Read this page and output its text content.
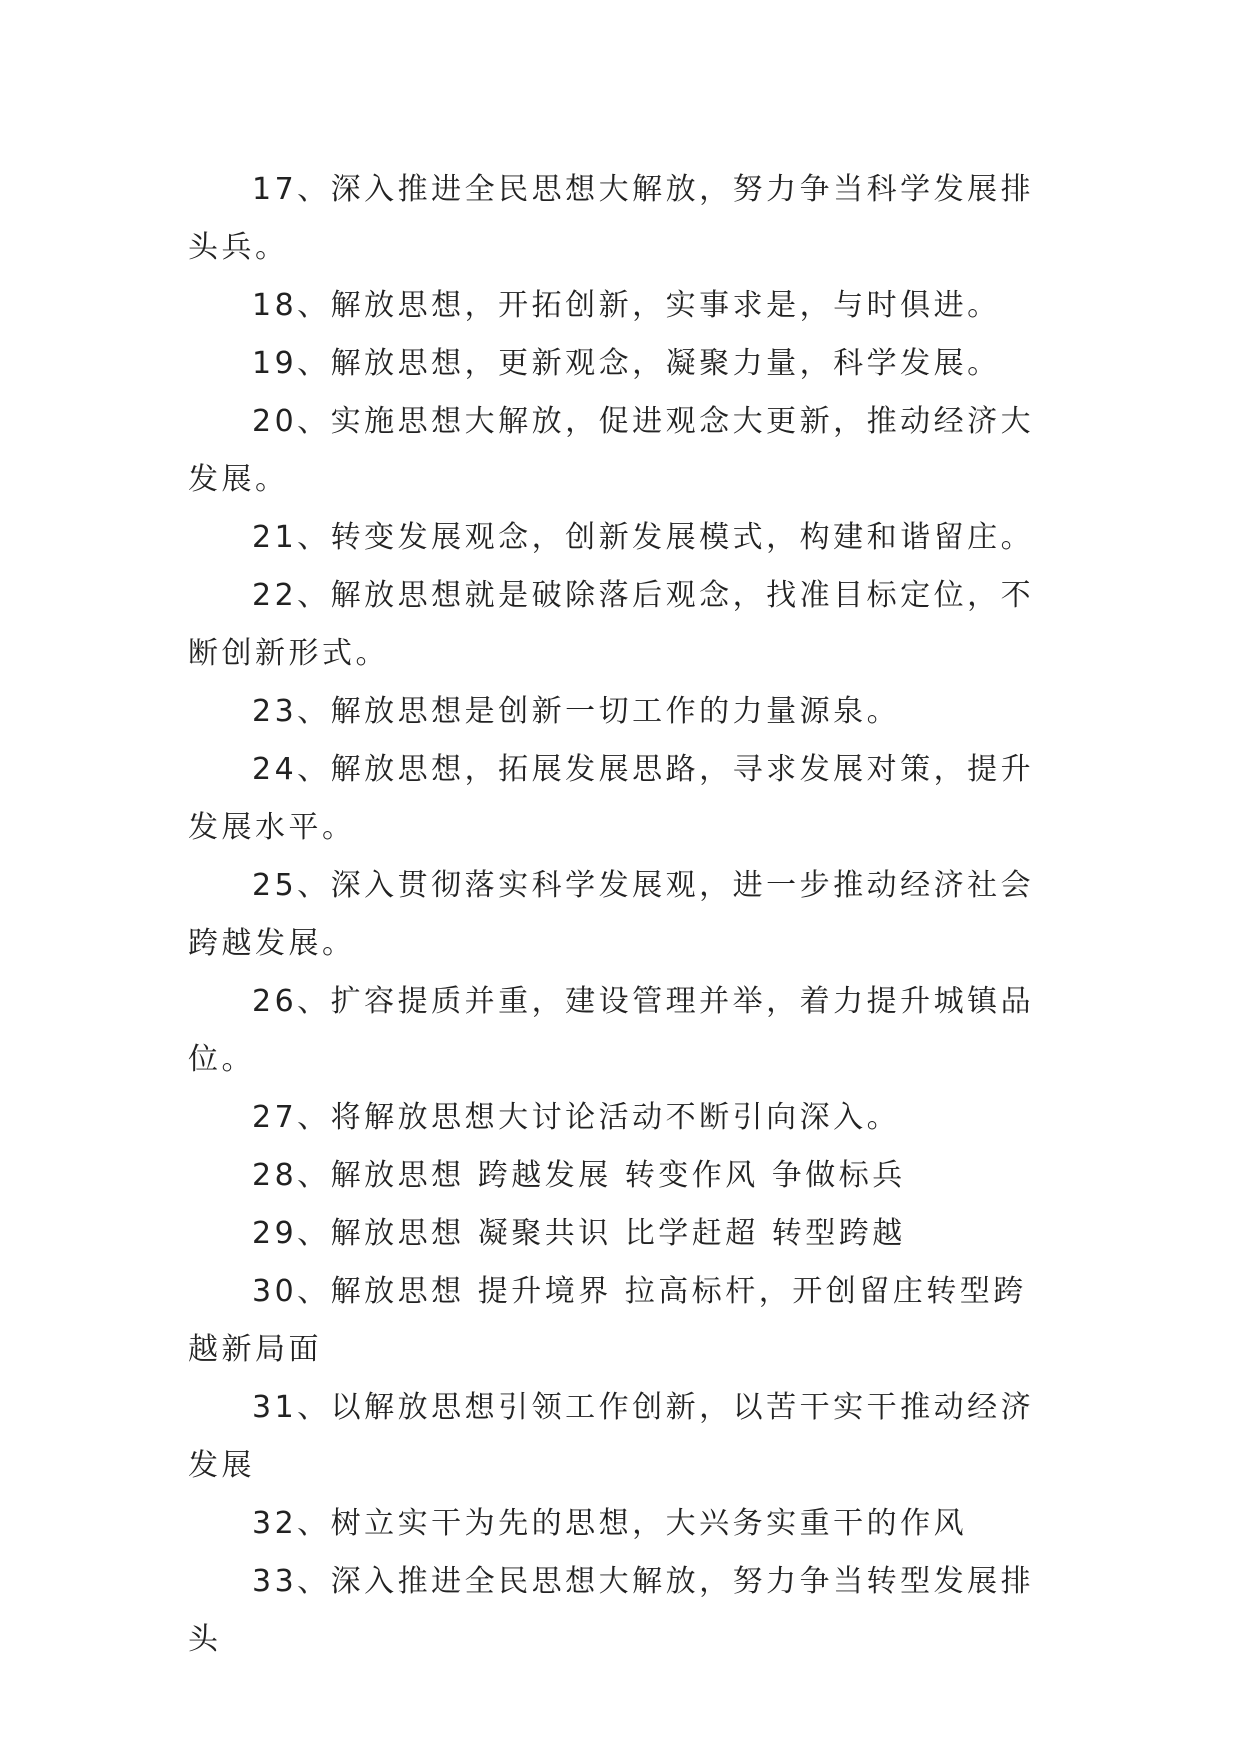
17、深入推进全民思想大解放，努力争当科学发展排头兵。

18、解放思想，开拓创新，实事求是，与时俱进。

19、解放思想，更新观念，凝聚力量，科学发展。

20、实施思想大解放，促进观念大更新，推动经济大发展。

21、转变发展观念，创新发展模式，构建和谐留庄。

22、解放思想就是破除落后观念，找准目标定位，不断创新形式。

23、解放思想是创新一切工作的力量源泉。

24、解放思想，拓展发展思路，寻求发展对策，提升发展水平。

25、深入贯彻落实科学发展观，进一步推动经济社会跨越发展。

26、扩容提质并重，建设管理并举，着力提升城镇品位。

27、将解放思想大讨论活动不断引向深入。

28、解放思想 跨越发展 转变作风 争做标兵

29、解放思想 凝聚共识 比学赶超 转型跨越

30、解放思想 提升境界 拉高标杆，开创留庄转型跨越新局面

31、以解放思想引领工作创新，以苦干实干推动经济发展

32、树立实干为先的思想，大兴务实重干的作风

33、深入推进全民思想大解放，努力争当转型发展排头
